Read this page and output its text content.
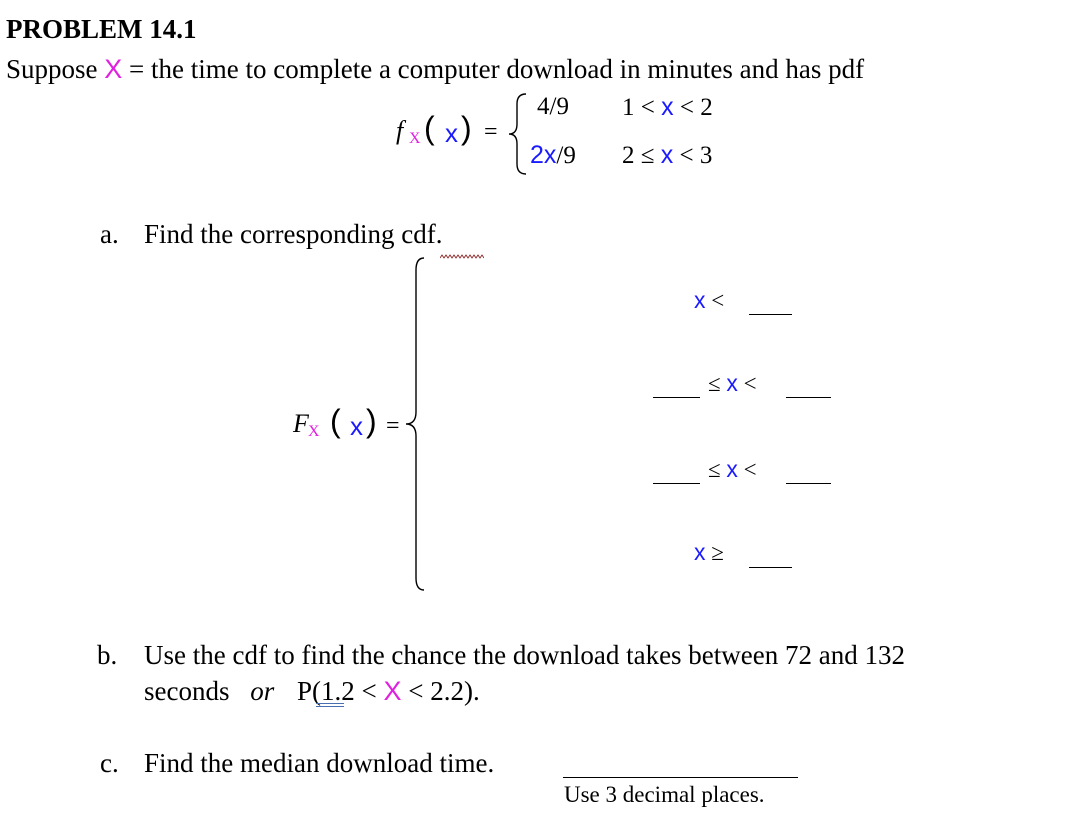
PROBLEM 14.1
Suppose X = the time to complete a computer download in minutes and has pdf
f X ( x ) =
4/9 1 < x < 2
2x/9 2 ≤ x < 3
a. Find the corresponding cdf.
F X ( x ) =
x <
≤ x <
≤ x <
x ≥
b. Use the cdf to find the chance the download takes between 72 and 132
seconds or P(1.2 < X < 2.2).
c. Find the median download time.
Use 3 decimal places.
